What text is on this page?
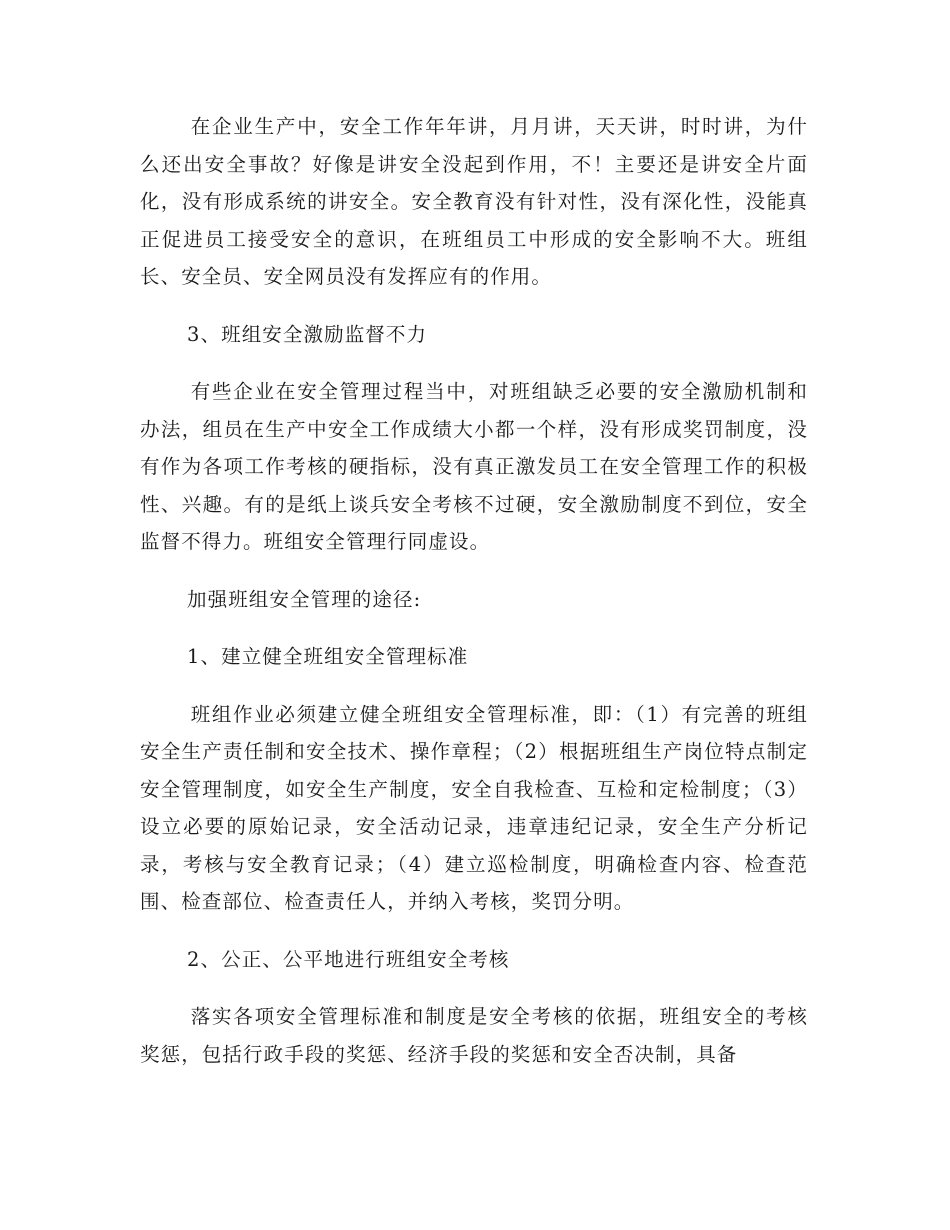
在企业生产中，安全工作年年讲，月月讲，天天讲，时时讲，为什么还出安全事故？好像是讲安全没起到作用，不！主要还是讲安全片面化，没有形成系统的讲安全。安全教育没有针对性，没有深化性，没能真正促进员工接受安全的意识，在班组员工中形成的安全影响不大。班组长、安全员、安全网员没有发挥应有的作用。

3、班组安全激励监督不力

有些企业在安全管理过程当中，对班组缺乏必要的安全激励机制和办法，组员在生产中安全工作成绩大小都一个样，没有形成奖罚制度，没有作为各项工作考核的硬指标，没有真正激发员工在安全管理工作的积极性、兴趣。有的是纸上谈兵安全考核不过硬，安全激励制度不到位，安全监督不得力。班组安全管理行同虚设。

加强班组安全管理的途径:

1、建立健全班组安全管理标准

班组作业必须建立健全班组安全管理标准，即：（1）有完善的班组安全生产责任制和安全技术、操作章程；（2）根据班组生产岗位特点制定安全管理制度，如安全生产制度，安全自我检查、互检和定检制度；（3）设立必要的原始记录，安全活动记录，违章违纪记录，安全生产分析记录，考核与安全教育记录；（4）建立巡检制度，明确检查内容、检查范围、检查部位、检查责任人，并纳入考核，奖罚分明。

2、公正、公平地进行班组安全考核

落实各项安全管理标准和制度是安全考核的依据，班组安全的考核奖惩，包括行政手段的奖惩、经济手段的奖惩和安全否决制，具备
